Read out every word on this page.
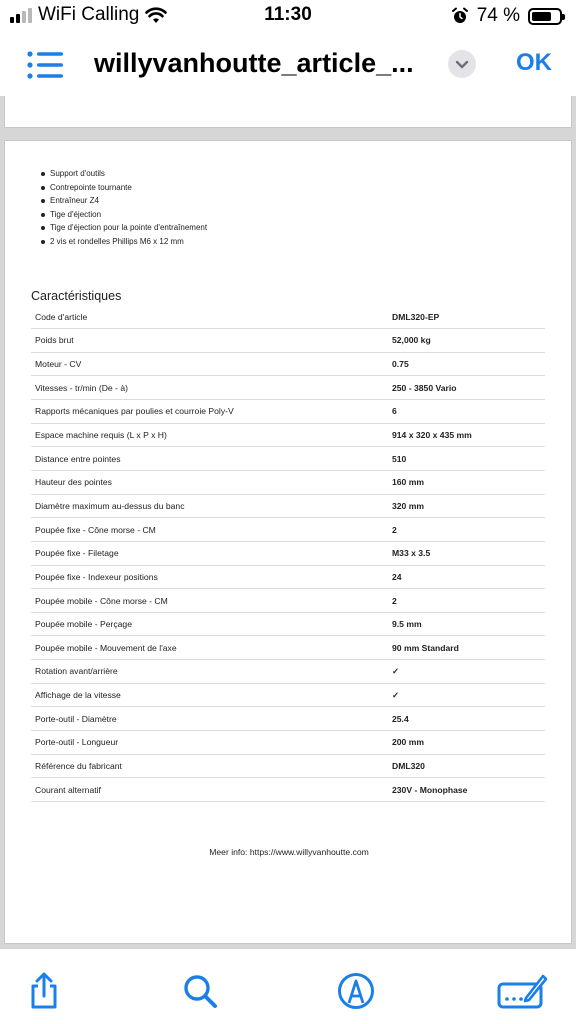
WiFi Calling	11:30	74 %
willyvanhoutte_article_...	OK
Support d'outils
Contrepointe tournante
Entraîneur Z4
Tige d'éjection
Tige d'éjection pour la pointe d'entraînement
2 vis et rondelles Phillips M6 x 12 mm
Caractéristiques
Code d'article	DML320-EP
Poids brut	52,000 kg
Moteur - CV	0.75
Vitesses - tr/min (De - à)	250 - 3850 Vario
Rapports mécaniques par poulies et courroie Poly-V	6
Espace machine requis (L x P x H)	914 x 320 x 435 mm
Distance entre pointes	510
Hauteur des pointes	160 mm
Diamètre maximum au-dessus du banc	320 mm
Poupée fixe - Cône morse - CM	2
Poupée fixe - Filetage	M33 x 3.5
Poupée fixe - Indexeur positions	24
Poupée mobile - Cône morse - CM	2
Poupée mobile - Perçage	9.5 mm
Poupée mobile - Mouvement de l'axe	90 mm Standard
Rotation avant/arrière	✓
Affichage de la vitesse	✓
Porte-outil - Diamètre	25.4
Porte-outil - Longueur	200 mm
Référence du fabricant	DML320
Courant alternatif	230V - Monophase
Meer info: https://www.willyvanhoutte.com
